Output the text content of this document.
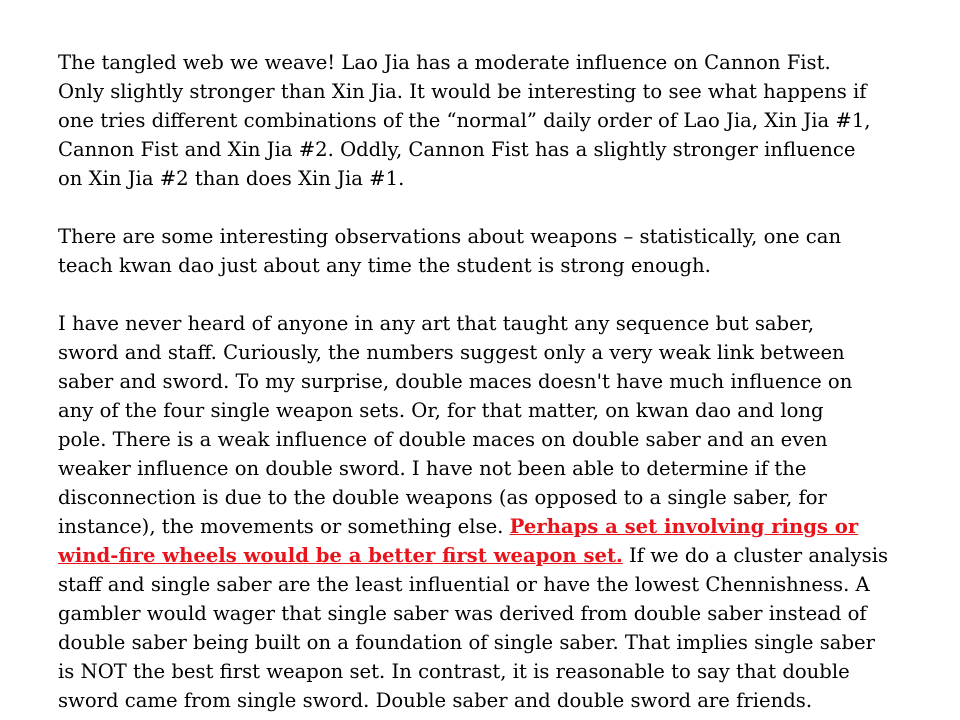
The tangled web we weave! Lao Jia has a moderate influence on Cannon Fist.
Only slightly stronger than Xin Jia. It would be interesting to see what happens if
one tries different combinations of the “normal” daily order of Lao Jia, Xin Jia #1,
Cannon Fist and Xin Jia #2. Oddly, Cannon Fist has a slightly stronger influence
on Xin Jia #2 than does Xin Jia #1.
There are some interesting observations about weapons – statistically, one can
teach kwan dao just about any time the student is strong enough.
I have never heard of anyone in any art that taught any sequence but saber,
sword and staff. Curiously, the numbers suggest only a very weak link between
saber and sword. To my surprise, double maces doesn't have much influence on
any of the four single weapon sets. Or, for that matter, on kwan dao and long
pole. There is a weak influence of double maces on double saber and an even
weaker influence on double sword. I have not been able to determine if the
disconnection is due to the double weapons (as opposed to a single saber, for
instance), the movements or something else. Perhaps a set involving rings or
wind-fire wheels would be a better first weapon set. If we do a cluster analysis
staff and single saber are the least influential or have the lowest Chennishness. A
gambler would wager that single saber was derived from double saber instead of
double saber being built on a foundation of single saber. That implies single saber
is NOT the best first weapon set. In contrast, it is reasonable to say that double
sword came from single sword. Double saber and double sword are friends.
